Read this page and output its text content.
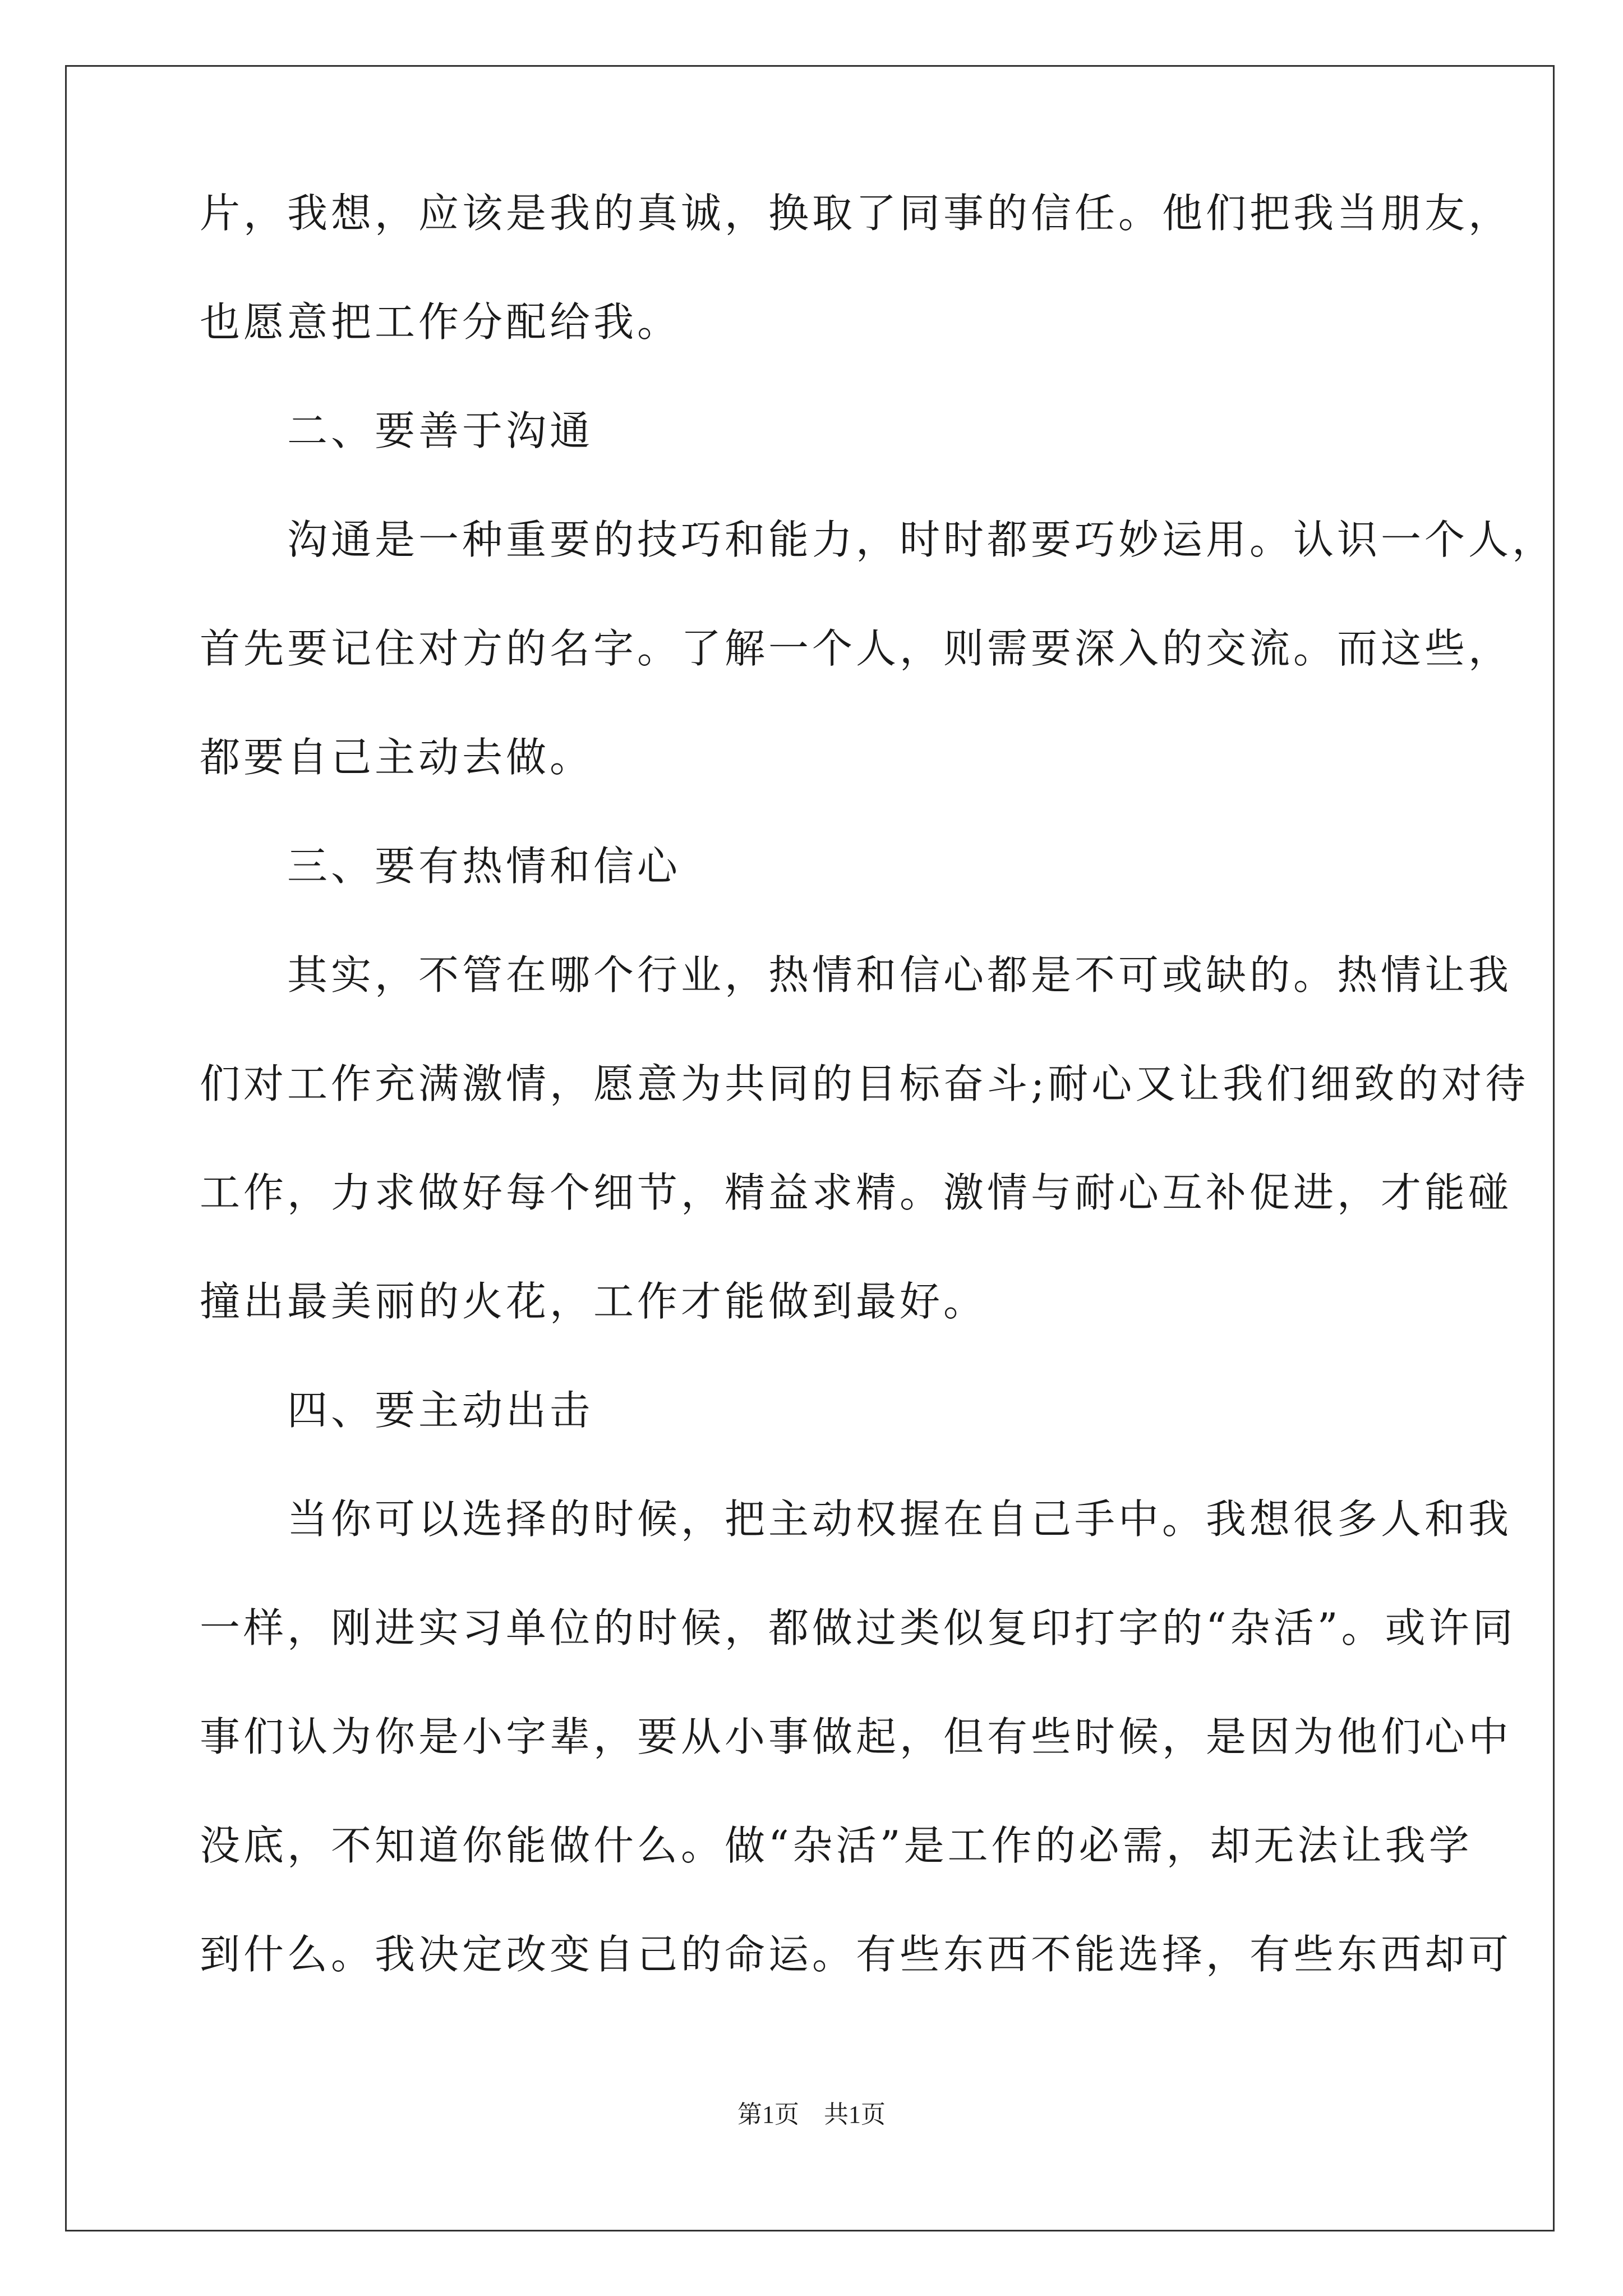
片，我想，应该是我的真诚，换取了同事的信任。他们把我当朋友，
也愿意把工作分配给我。
　　二、要善于沟通
　　沟通是一种重要的技巧和能力，时时都要巧妙运用。认识一个人，
首先要记住对方的名字。了解一个人，则需要深入的交流。而这些，
都要自己主动去做。
　　三、要有热情和信心
　　其实，不管在哪个行业，热情和信心都是不可或缺的。热情让我
们对工作充满激情，愿意为共同的目标奋斗;耐心又让我们细致的对待
工作，力求做好每个细节，精益求精。激情与耐心互补促进，才能碰
撞出最美丽的火花，工作才能做到最好。
　　四、要主动出击
　　当你可以选择的时候，把主动权握在自己手中。我想很多人和我
一样，刚进实习单位的时候，都做过类似复印打字的“杂活”。或许同
事们认为你是小字辈，要从小事做起，但有些时候，是因为他们心中
没底，不知道你能做什么。做“杂活”是工作的必需，却无法让我学
到什么。我决定改变自己的命运。有些东西不能选择，有些东西却可
第1页　共1页
